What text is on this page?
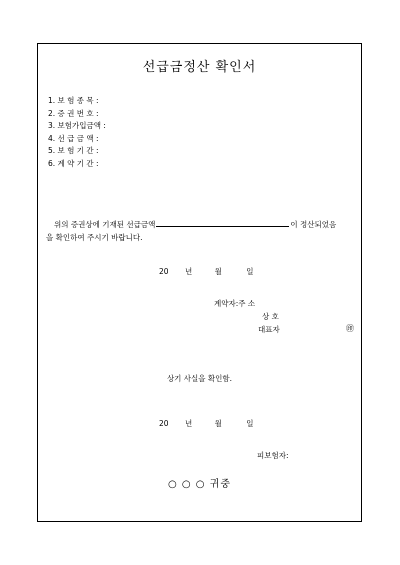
선급금정산 확인서
1. 보 험 종 목 :
2. 증 권 번 호 :
3. 보험가입금액 :
4. 선 급 금 액 :
5. 보 험 기 간 :
6. 계 약 기 간 :
위의 증권상에 기재된 선급금액	이 정산되었음
을 확인하여 주시기 바랍니다.
20 년	월	일
계약자:주 소
상 호
대표자	㊞
상기 사실을 확인함.
20 년	월	일
피보험자:
○ ○ ○ 귀중
